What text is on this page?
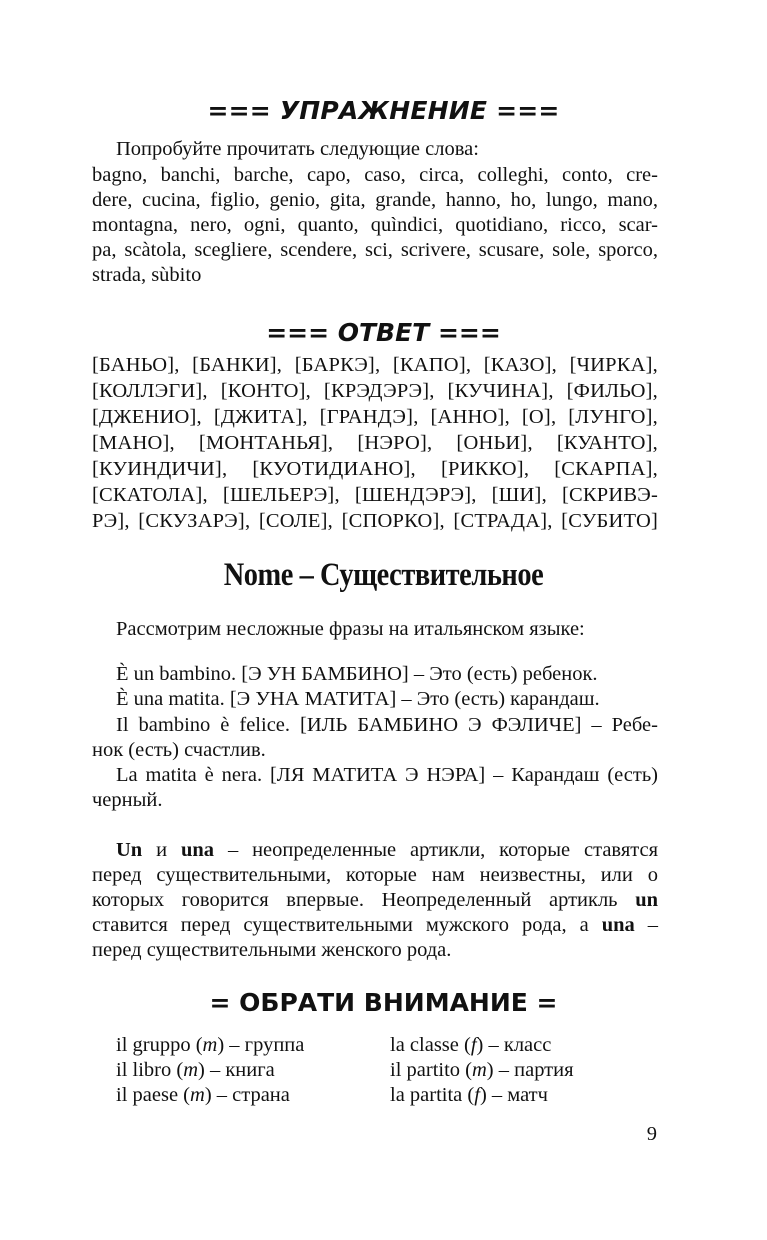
=== УПРАЖНЕНИЕ ===
Попробуйте прочитать следующие слова:
bagno, banchi, barche, capo, caso, circa, colleghi, conto, cre-
dere, cucina, figlio, genio, gita, grande, hanno, ho, lungo, mano,
montagna, nero, ogni, quanto, quìndici, quotidiano, ricco, scar-
pa, scàtola, scegliere, scendere, sci, scrivere, scusare, sole, sporco,
strada, sùbito
=== ОТВЕТ ===
[БАНЬО], [БАНКИ], [БАРКЭ], [КАПО], [КАЗО], [ЧИРКА],
[КОЛЛЭГИ], [КОНТО], [КРЭДЭРЭ], [КУЧИНА], [ФИЛЬО],
[ДЖЕНИО], [ДЖИТА], [ГРАНДЭ], [АННО], [О], [ЛУНГО],
[МАНО], [МОНТАНЬЯ], [НЭРО], [ОНЬИ], [КУАНТО],
[КУИНДИЧИ], [КУОТИДИАНО], [РИККО], [СКАРПА],
[СКАТОЛА], [ШЕЛЬЕРЭ], [ШЕНДЭРЭ], [ШИ], [СКРИВЭ-
РЭ], [СКУЗАРЭ], [СОЛЕ], [СПОРКО], [СТРАДА], [СУБИТО]
Nome – Существительное
Рассмотрим несложные фразы на итальянском языке:
È un bambino. [Э УН БАМБИНО] – Это (есть) ребенок.
È una matita. [Э УНА МАТИТА] – Это (есть) карандаш.
Il bambino è felice. [ИЛЬ БАМБИНО Э ФЭЛИЧЕ] – Ребе-
нок (есть) счастлив.
La matita è nera. [ЛЯ МАТИТА Э НЭРА] – Карандаш (есть)
черный.
Un и una – неопределенные артикли, которые ставятся
перед существительными, которые нам неизвестны, или о
которых говорится впервые. Неопределенный артикль un
ставится перед существительными мужского рода, а una –
перед существительными женского рода.
= ОБРАТИ ВНИМАНИЕ =
il gruppo (m) – группа
il libro (m) – книга
il paese (m) – страна
la classe (f) – класс
il partito (m) – партия
la partita (f) – матч
9
